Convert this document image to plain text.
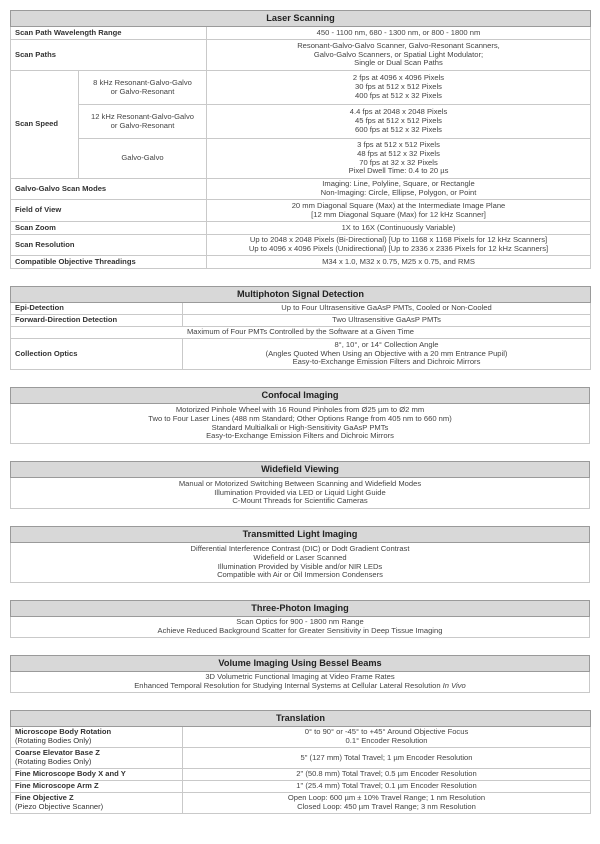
Laser Scanning		
Scan Path Wavelength Range		450 - 1100 nm, 680 - 1300 nm, or 800 - 1800 nm
Scan Paths		Resonant-Galvo-Galvo Scanner, Galvo-Resonant Scanners,
Galvo-Galvo Scanners, or Spatial Light Modulator;
Single or Dual Scan Paths

Scan Speed	8 kHz Resonant-Galvo-Galvo
or Galvo-Resonant	2 fps at 4096 x 4096 Pixels
30 fps at 512 x 512 Pixels
400 fps at 512 x 32 Pixels

	12 kHz Resonant-Galvo-Galvo
or Galvo-Resonant	4.4 fps at 2048 x 2048 Pixels
45 fps at 512 x 512 Pixels
600 fps at 512 x 32 Pixels

	Galvo-Galvo	3 fps at 512 x 512 Pixels
48 fps at 512 x 32 Pixels
70 fps at 32 x 32 Pixels
Pixel Dwell Time: 0.4 to 20 µs

Galvo-Galvo Scan Modes		Imaging: Line, Polyline, Square, or Rectangle
Non-Imaging: Circle, Ellipse, Polygon, or Point

Field of View		20 mm Diagonal Square (Max) at the Intermediate Image Plane
[12 mm Diagonal Square (Max) for 12 kHz Scanner]

Scan Zoom		1X to 16X (Continuously Variable)
Scan Resolution		Up to 2048 x 2048 Pixels (Bi-Directional) [Up to 1168 x 1168 Pixels for 12 kHz Scanners]
Up to 4096 x 4096 Pixels (Unidirectional) [Up to 2336 x 2336 Pixels for 12 kHz Scanners]

Compatible Objective Threadings		M34 x 1.0, M32 x 0.75, M25 x 0.75, and RMS
Multiphoton Signal Detection	
Epi-Detection	Up to Four Ultrasensitive GaAsP PMTs, Cooled or Non-Cooled
Forward-Direction Detection	Two Ultrasensitive GaAsP PMTs
Maximum of Four PMTs Controlled by the Software at a Given Time	
Collection Optics	8°, 10°, or 14° Collection Angle
(Angles Quoted When Using an Objective with a 20 mm Entrance Pupil)
Easy-to-Exchange Emission Filters and Dichroic Mirrors
Confocal Imaging

Motorized Pinhole Wheel with 16 Round Pinholes from Ø25 µm to Ø2 mm
Two to Four Laser Lines (488 nm Standard; Other Options Range from 405 nm to 660 nm)
Standard Multialkali or High-Sensitivity GaAsP PMTs
Easy-to-Exchange Emission Filters and Dichroic Mirrors
Widefield Viewing

Manual or Motorized Switching Between Scanning and Widefield Modes
Illumination Provided via LED or Liquid Light Guide
C-Mount Threads for Scientific Cameras
Transmitted Light Imaging

Differential Interference Contrast (DIC) or Dodt Gradient Contrast
Widefield or Laser Scanned
Illumination Provided by Visible and/or NIR LEDs
Compatible with Air or Oil Immersion Condensers
Three-Photon Imaging

Scan Optics for 900 - 1800 nm Range
Achieve Reduced Background Scatter for Greater Sensitivity in Deep Tissue Imaging
Volume Imaging Using Bessel Beams

3D Volumetric Functional Imaging at Video Frame Rates
Enhanced Temporal Resolution for Studying Internal Systems at Cellular Lateral Resolution In Vivo
Translation	

Microscope Body Rotation
(Rotating Bodies Only)	0° to 90° or -45° to +45° Around Objective Focus
0.1° Encoder Resolution

Coarse Elevator Base Z
(Rotating Bodies Only)	5" (127 mm) Total Travel; 1 µm Encoder Resolution
Fine Microscope Body X and Y	2" (50.8 mm) Total Travel; 0.5 µm Encoder Resolution
Fine Microscope Arm Z	1" (25.4 mm) Total Travel; 0.1 µm Encoder Resolution

Fine Objective Z
(Piezo Objective Scanner)	Open Loop: 600 µm ± 10% Travel Range; 1 nm Resolution
Closed Loop: 450 µm Travel Range; 3 nm Resolution
